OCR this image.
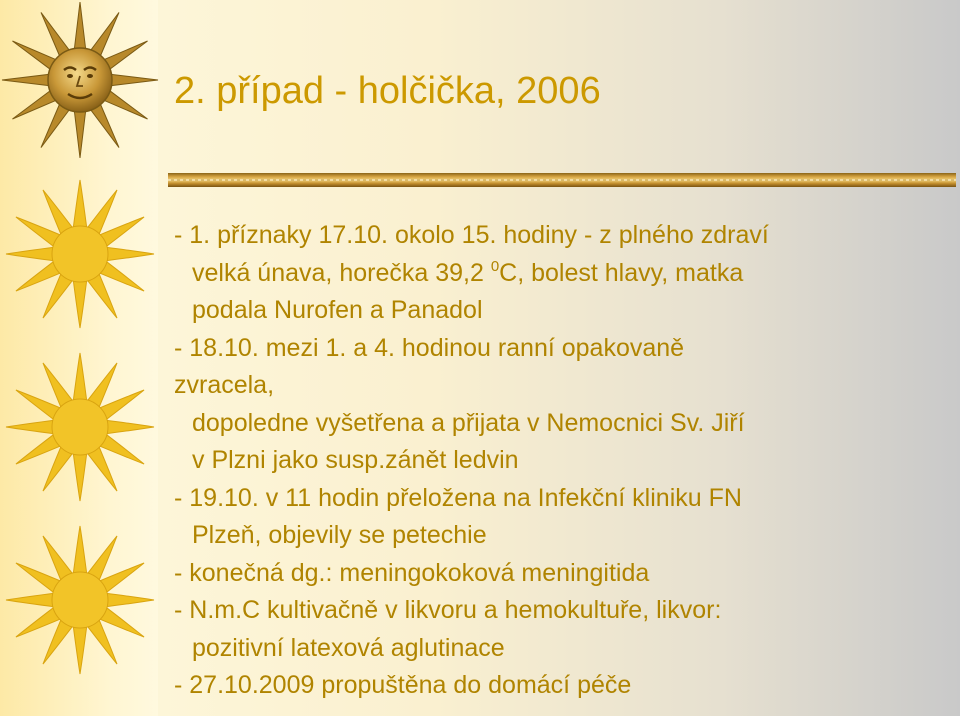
2. případ - holčička, 2006
- 1. příznaky 17.10. okolo 15. hodiny - z plného zdraví
velká únava, horečka 39,2 $^0$C, bolest hlavy, matka
podala Nurofen a Panadol
- 18.10. mezi 1. a 4. hodinou ranní opakovaně
zvracela,
dopoledne vyšetřena a přijata v Nemocnici Sv. Jiří
v Plzni jako susp.zánět ledvin
- 19.10. v 11 hodin přeložena na Infekční kliniku FN
Plzeň, objevily se petechie
- konečná dg.: meningokoková meningitida
- N.m.C kultivačně v likvoru a hemokultuře, likvor:
pozitivní latexová aglutinace
- 27.10.2009 propuštěna do domácí péče
